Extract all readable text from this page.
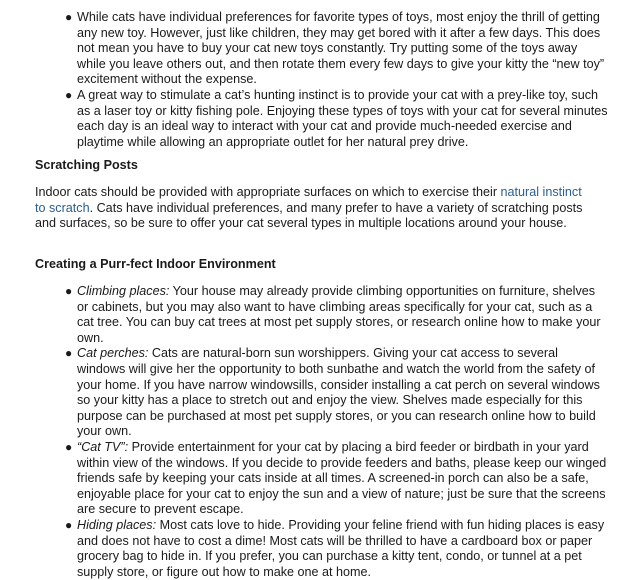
● While cats have individual preferences for favorite types of toys, most enjoy the thrill of getting any new toy. However, just like children, they may get bored with it after a few days. This does not mean you have to buy your cat new toys constantly. Try putting some of the toys away while you leave others out, and then rotate them every few days to give your kitty the “new toy” excitement without the expense.
● A great way to stimulate a cat’s hunting instinct is to provide your cat with a prey-like toy, such as a laser toy or kitty fishing pole. Enjoying these types of toys with your cat for several minutes each day is an ideal way to interact with your cat and provide much-needed exercise and playtime while allowing an appropriate outlet for her natural prey drive.
Scratching Posts

Indoor cats should be provided with appropriate surfaces on which to exercise their natural instinct to scratch. Cats have individual preferences, and many prefer to have a variety of scratching posts and surfaces, so be sure to offer your cat several types in multiple locations around your house.

Creating a Purr-fect Indoor Environment
● Climbing places: Your house may already provide climbing opportunities on furniture, shelves or cabinets, but you may also want to have climbing areas specifically for your cat, such as a cat tree. You can buy cat trees at most pet supply stores, or research online how to make your own.
● Cat perches: Cats are natural-born sun worshippers. Giving your cat access to several windows will give her the opportunity to both sunbathe and watch the world from the safety of your home. If you have narrow windowsills, consider installing a cat perch on several windows so your kitty has a place to stretch out and enjoy the view. Shelves made especially for this purpose can be purchased at most pet supply stores, or you can research online how to build your own.
● “Cat TV”: Provide entertainment for your cat by placing a bird feeder or birdbath in your yard within view of the windows. If you decide to provide feeders and baths, please keep our winged friends safe by keeping your cats inside at all times. A screened-in porch can also be a safe, enjoyable place for your cat to enjoy the sun and a view of nature; just be sure that the screens are secure to prevent escape.
● Hiding places: Most cats love to hide. Providing your feline friend with fun hiding places is easy and does not have to cost a dime! Most cats will be thrilled to have a cardboard box or paper grocery bag to hide in. If you prefer, you can purchase a kitty tent, condo, or tunnel at a pet supply store, or figure out how to make one at home.
